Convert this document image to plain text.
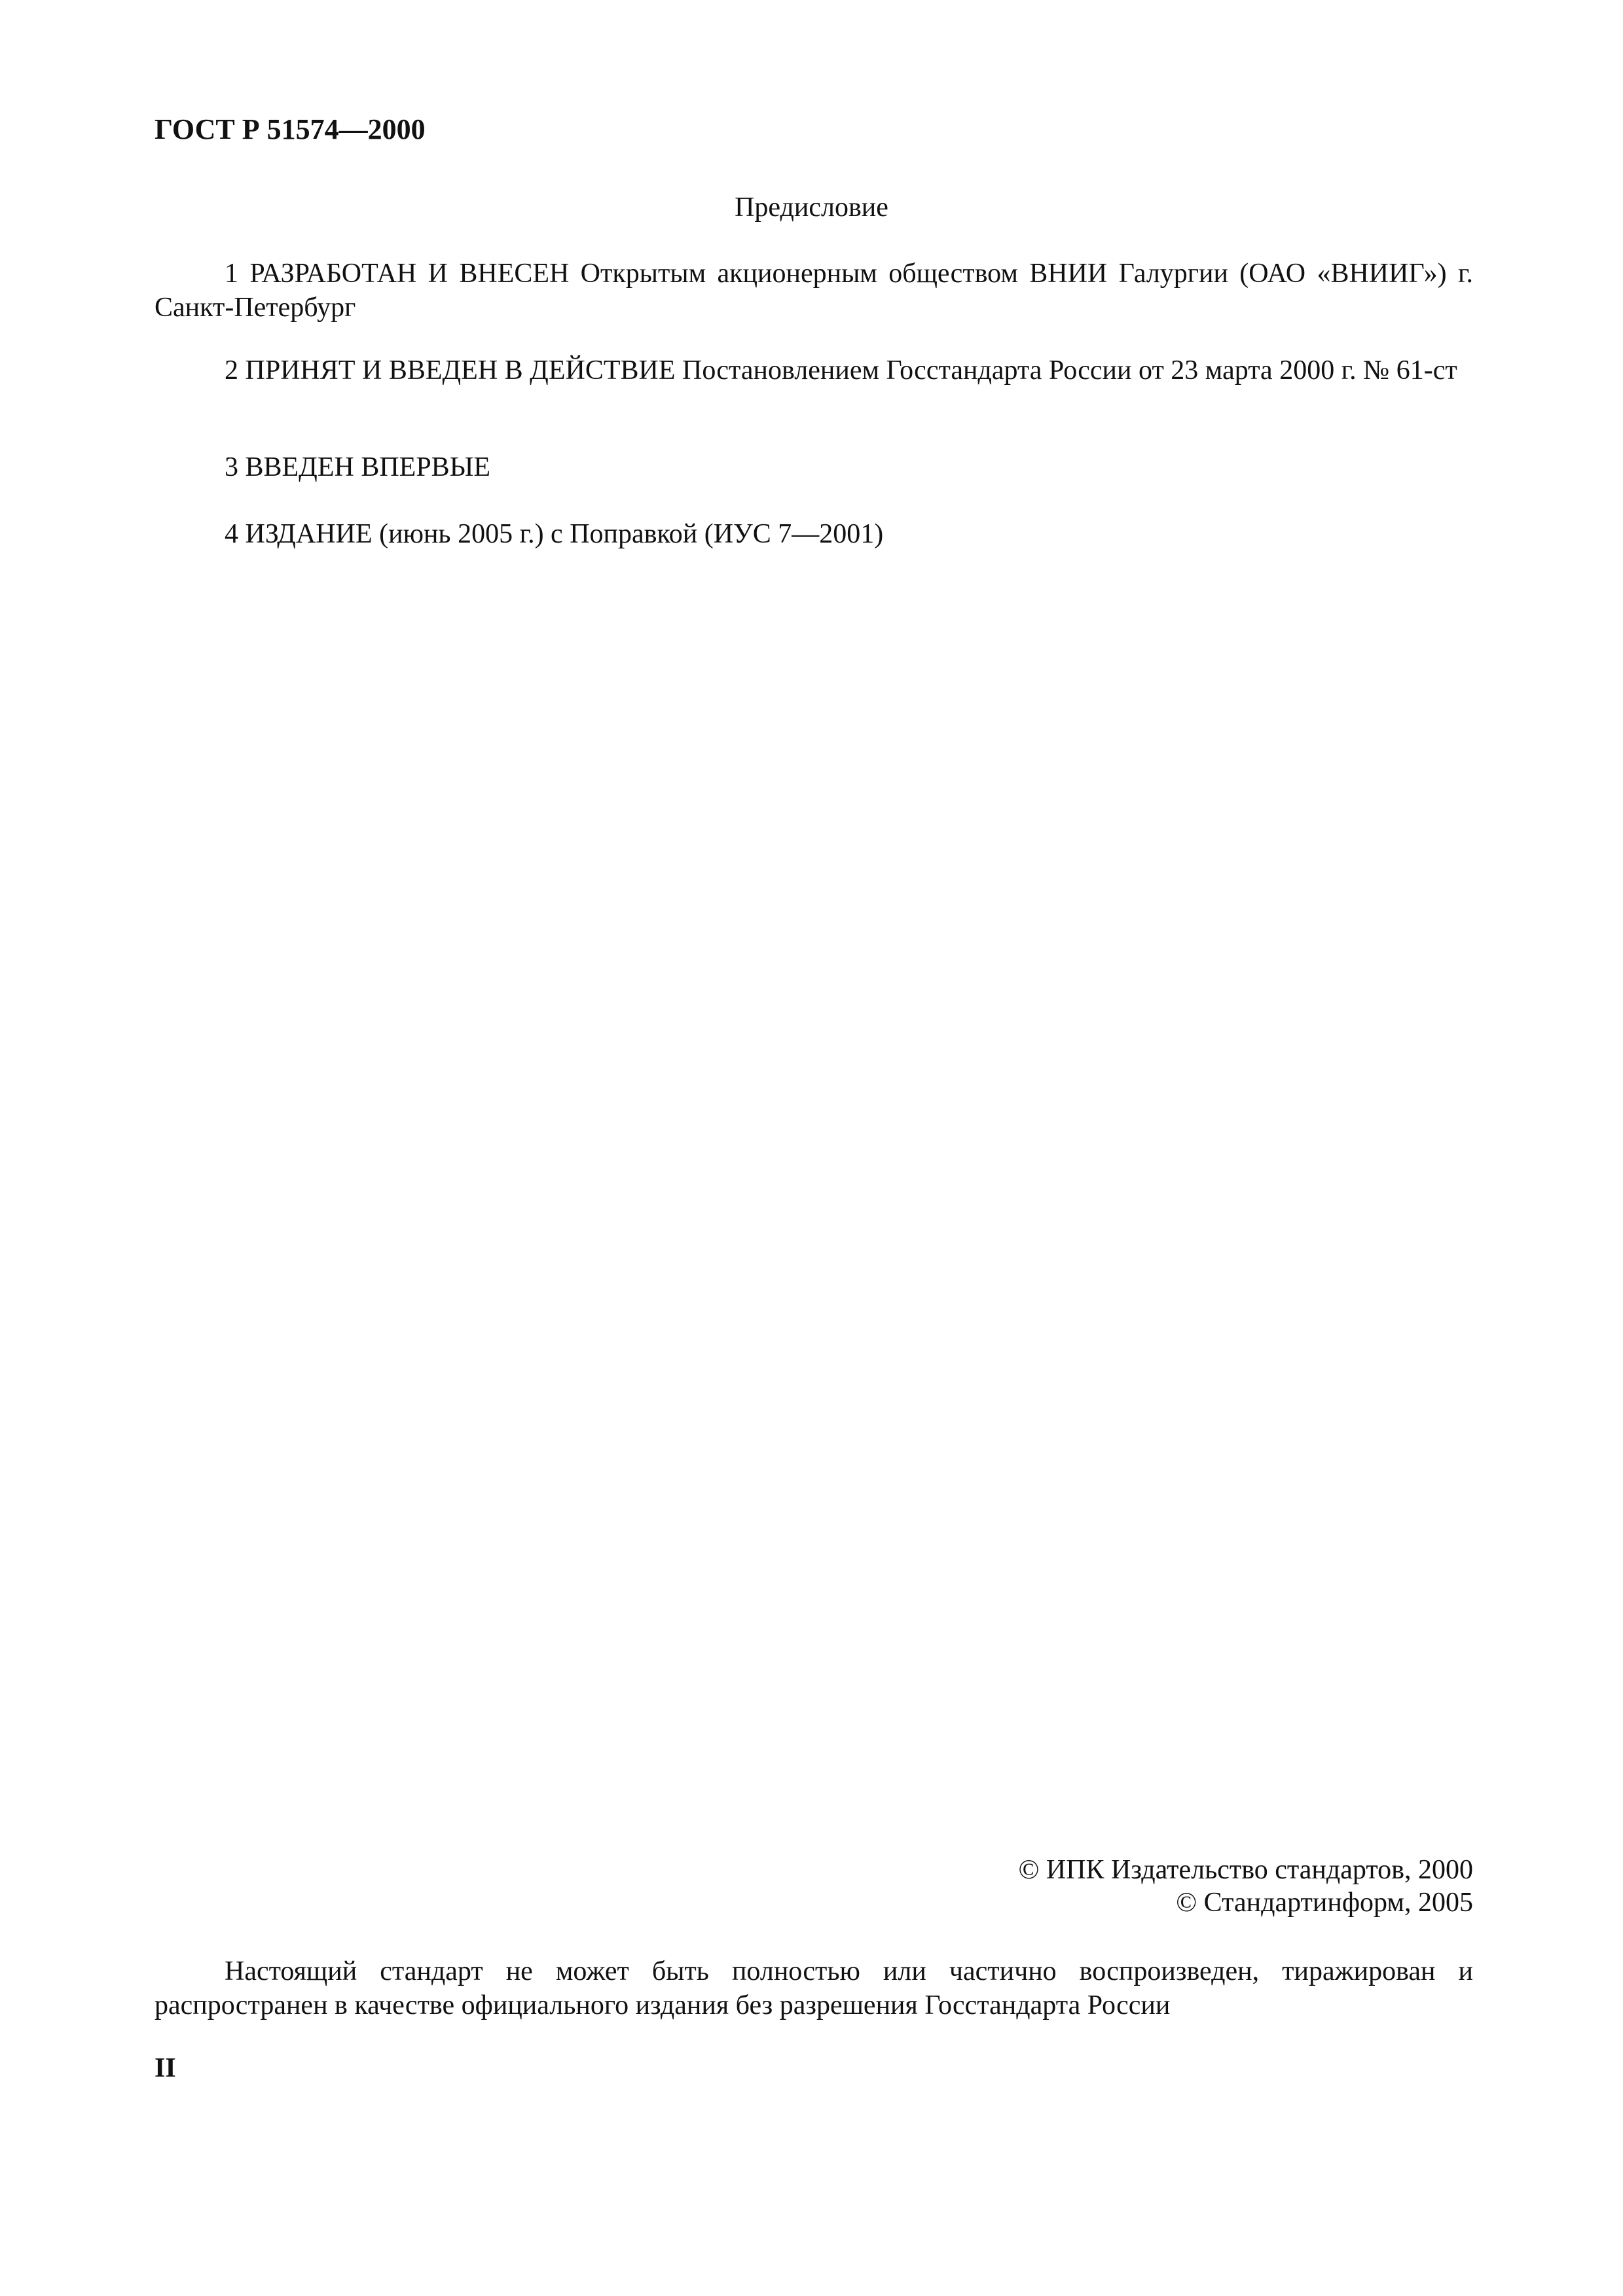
ГОСТ Р 51574—2000
Предисловие
1 РАЗРАБОТАН И ВНЕСЕН Открытым акционерным обществом ВНИИ Галургии (ОАО «ВНИИГ») г. Санкт-Петербург
2 ПРИНЯТ И ВВЕДЕН В ДЕЙСТВИЕ Постановлением Госстандарта России от 23 марта 2000 г. № 61-ст
3 ВВЕДЕН ВПЕРВЫЕ
4 ИЗДАНИЕ (июнь 2005 г.) с Поправкой (ИУС 7—2001)
© ИПК Издательство стандартов, 2000
© Стандартинформ, 2005
Настоящий стандарт не может быть полностью или частично воспроизведен, тиражирован и распространен в качестве официального издания без разрешения Госстандарта России
II
